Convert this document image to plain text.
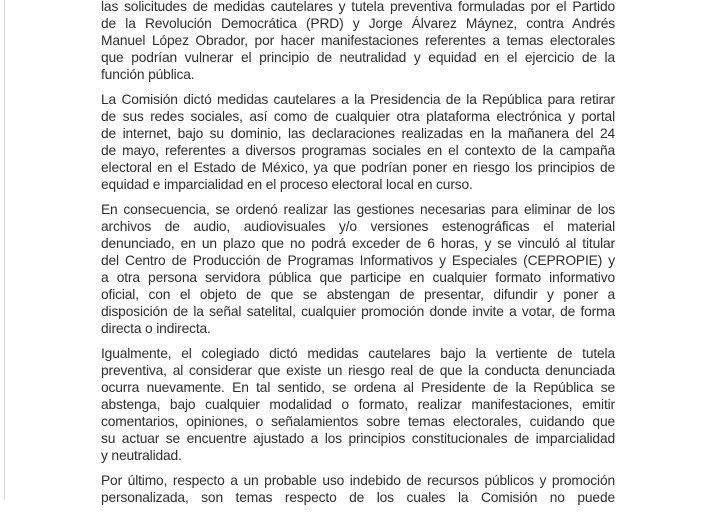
las solicitudes de medidas cautelares y tutela preventiva formuladas por el Partido
de la Revolución Democrática (PRD) y Jorge Álvarez Máynez, contra Andrés
Manuel López Obrador, por hacer manifestaciones referentes a temas electorales
que podrían vulnerar el principio de neutralidad y equidad en el ejercicio de la
función pública.
La Comisión dictó medidas cautelares a la Presidencia de la República para retirar
de sus redes sociales, así como de cualquier otra plataforma electrónica y portal
de internet, bajo su dominio, las declaraciones realizadas en la mañanera del 24
de mayo, referentes a diversos programas sociales en el contexto de la campaña
electoral en el Estado de México, ya que podrían poner en riesgo los principios de
equidad e imparcialidad en el proceso electoral local en curso.
En consecuencia, se ordenó realizar las gestiones necesarias para eliminar de los
archivos de audio, audiovisuales y/o versiones estenográficas el material
denunciado, en un plazo que no podrá exceder de 6 horas, y se vinculó al titular
del Centro de Producción de Programas Informativos y Especiales (CEPROPIE) y
a otra persona servidora pública que participe en cualquier formato informativo
oficial, con el objeto de que se abstengan de presentar, difundir y poner a
disposición de la señal satelital, cualquier promoción donde invite a votar, de forma
directa o indirecta.
Igualmente, el colegiado dictó medidas cautelares bajo la vertiente de tutela
preventiva, al considerar que existe un riesgo real de que la conducta denunciada
ocurra nuevamente. En tal sentido, se ordena al Presidente de la República se
abstenga, bajo cualquier modalidad o formato, realizar manifestaciones, emitir
comentarios, opiniones, o señalamientos sobre temas electorales, cuidando que
su actuar se encuentre ajustado a los principios constitucionales de imparcialidad
y neutralidad.
Por último, respecto a un probable uso indebido de recursos públicos y promoción
personalizada, son temas respecto de los cuales la Comisión no puede
